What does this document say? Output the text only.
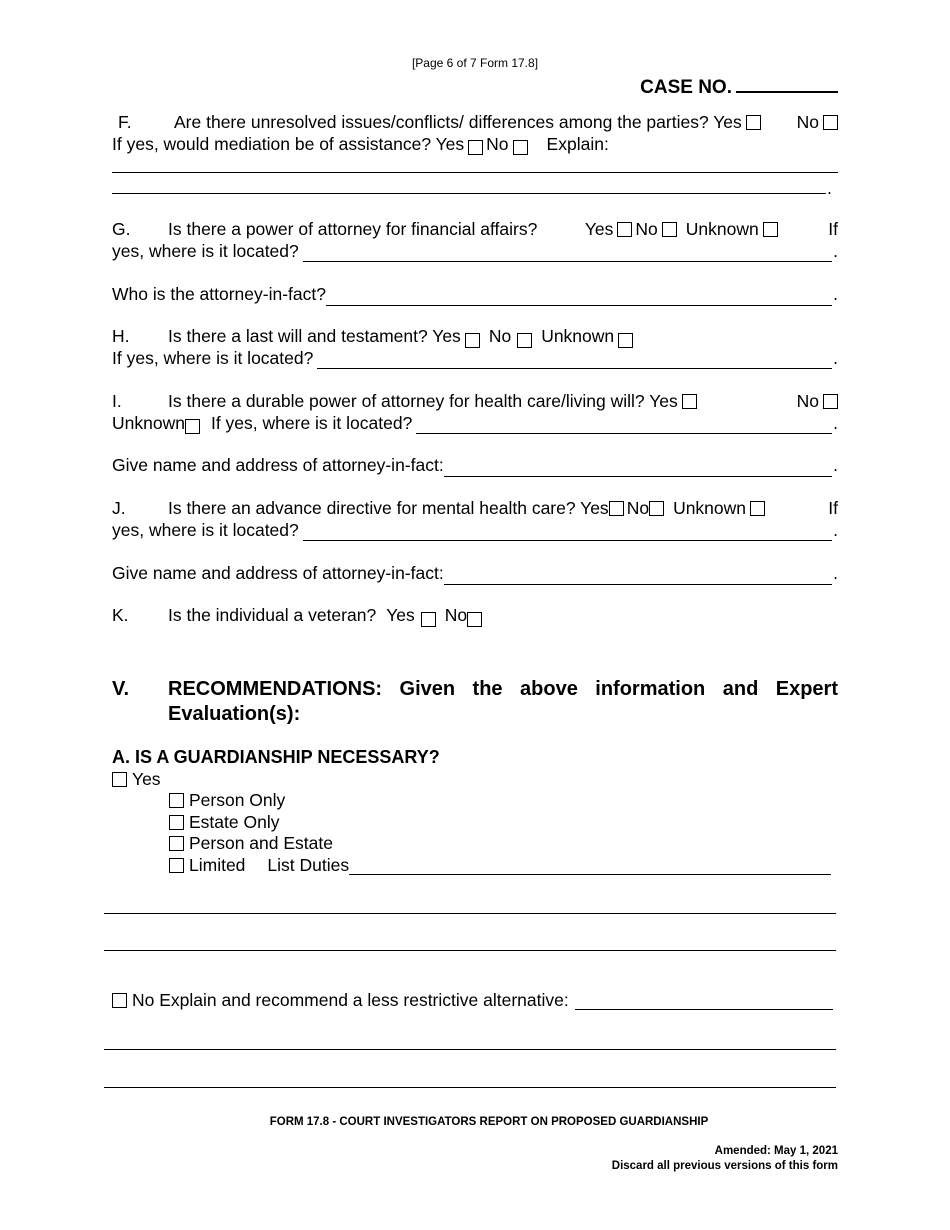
[Page 6 of 7 Form 17.8]
CASE NO.
F. Are there unresolved issues/conflicts/ differences among the parties? Yes	No
If yes, would mediation be of assistance? Yes No Explain:
.
G. Is there a power of attorney for financial affairs?	Yes No Unknown	If
yes, where is it located?	.
Who is the attorney-in-fact?	.
H.	Is there a last will and testament? Yes No Unknown
If yes, where is it located?	.
I.	Is there a durable power of attorney for health care/living will? Yes	No
Unknown If yes, where is it located?	.
Give name and address of attorney-in-fact:	.
J. Is there an advance directive for mental health care? Yes No Unknown	If
yes, where is it located?	.
Give name and address of attorney-in-fact:	.
K.	Is the individual a veteran? Yes No
V. RECOMMENDATIONS: Given the above information and Expert Evaluation(s):
A. IS A GUARDIANSHIP NECESSARY?
Yes
Person Only
Estate Only
Person and Estate
Limited List Duties
No Explain and recommend a less restrictive alternative:
FORM 17.8 - COURT INVESTIGATORS REPORT ON PROPOSED GUARDIANSHIP
Amended: May 1, 2021
Discard all previous versions of this form
